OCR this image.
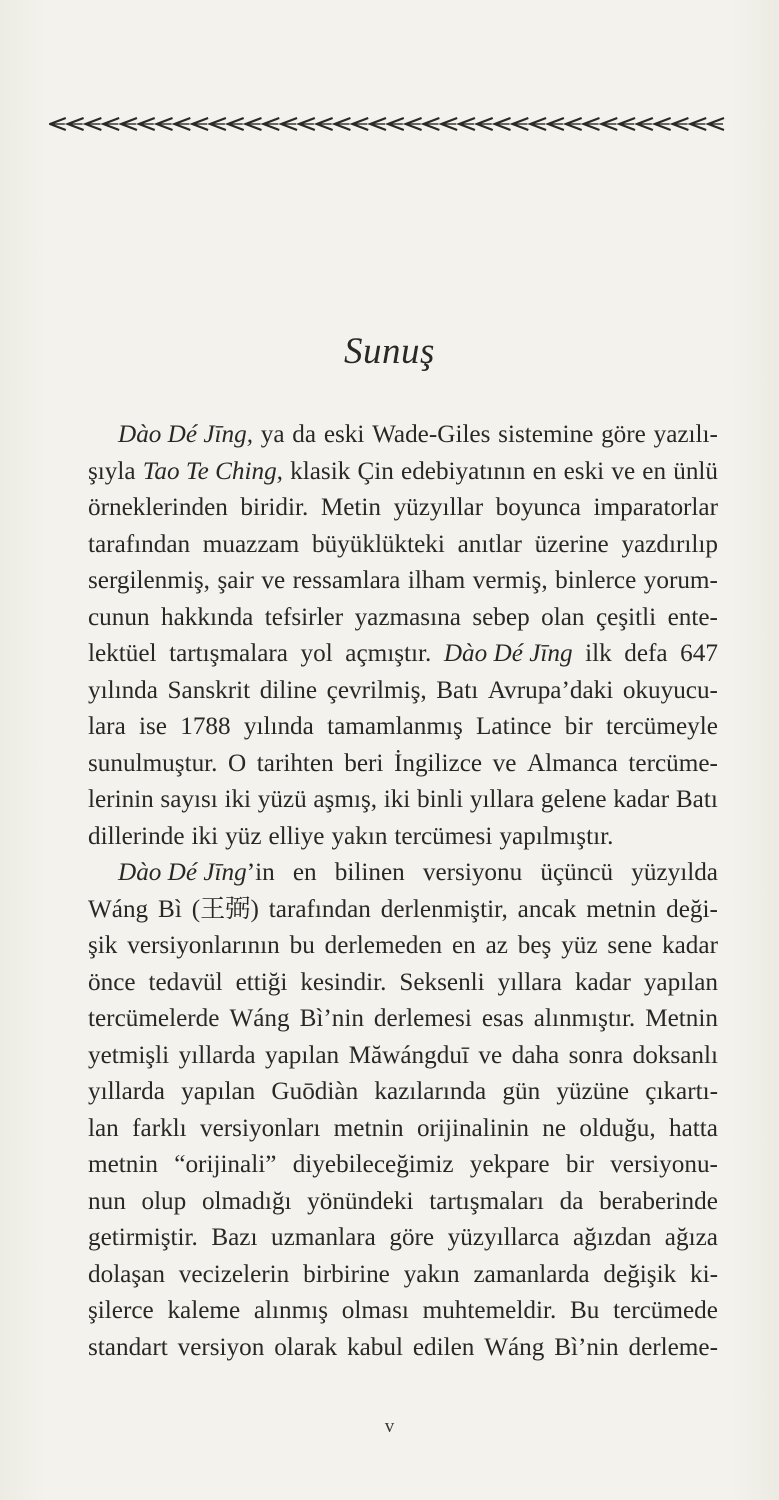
Sunuş
Dào Dé Jīng, ya da eski Wade-Giles sistemine göre yazılı-
şıyla Tao Te Ching, klasik Çin edebiyatının en eski ve en ünlü
örneklerinden biridir. Metin yüzyıllar boyunca imparatorlar
tarafından muazzam büyüklükteki anıtlar üzerine yazdırılıp
sergilenmiş, şair ve ressamlara ilham vermiş, binlerce yorum-
cunun hakkında tefsirler yazmasına sebep olan çeşitli ente-
lektüel tartışmalara yol açmıştır. Dào Dé Jīng ilk defa 647
yılında Sanskrit diline çevrilmiş, Batı Avrupa’daki okuyucu-
lara ise 1788 yılında tamamlanmış Latince bir tercümeyle
sunulmuştur. O tarihten beri İngilizce ve Almanca tercüme-
lerinin sayısı iki yüzü aşmış, iki binli yıllara gelene kadar Batı
dillerinde iki yüz elliye yakın tercümesi yapılmıştır.
Dào Dé Jīng’in en bilinen versiyonu üçüncü yüzyılda
Wáng Bì (王弼) tarafından derlenmiştir, ancak metnin deği-
şik versiyonlarının bu derlemeden en az beş yüz sene kadar
önce tedavül ettiği kesindir. Seksenli yıllara kadar yapılan
tercümelerde Wáng Bì’nin derlemesi esas alınmıştır. Metnin
yetmişli yıllarda yapılan Măwángduī ve daha sonra doksanlı
yıllarda yapılan Guōdiàn kazılarında gün yüzüne çıkartı-
lan farklı versiyonları metnin orijinalinin ne olduğu, hatta
metnin “orijinali” diyebileceğimiz yekpare bir versiyonu-
nun olup olmadığı yönündeki tartışmaları da beraberinde
getirmiştir. Bazı uzmanlara göre yüzyıllarca ağızdan ağıza
dolaşan vecizelerin birbirine yakın zamanlarda değişik ki-
şilerce kaleme alınmış olması muhtemeldir. Bu tercümede
standart versiyon olarak kabul edilen Wáng Bì’nin derleme-
v
